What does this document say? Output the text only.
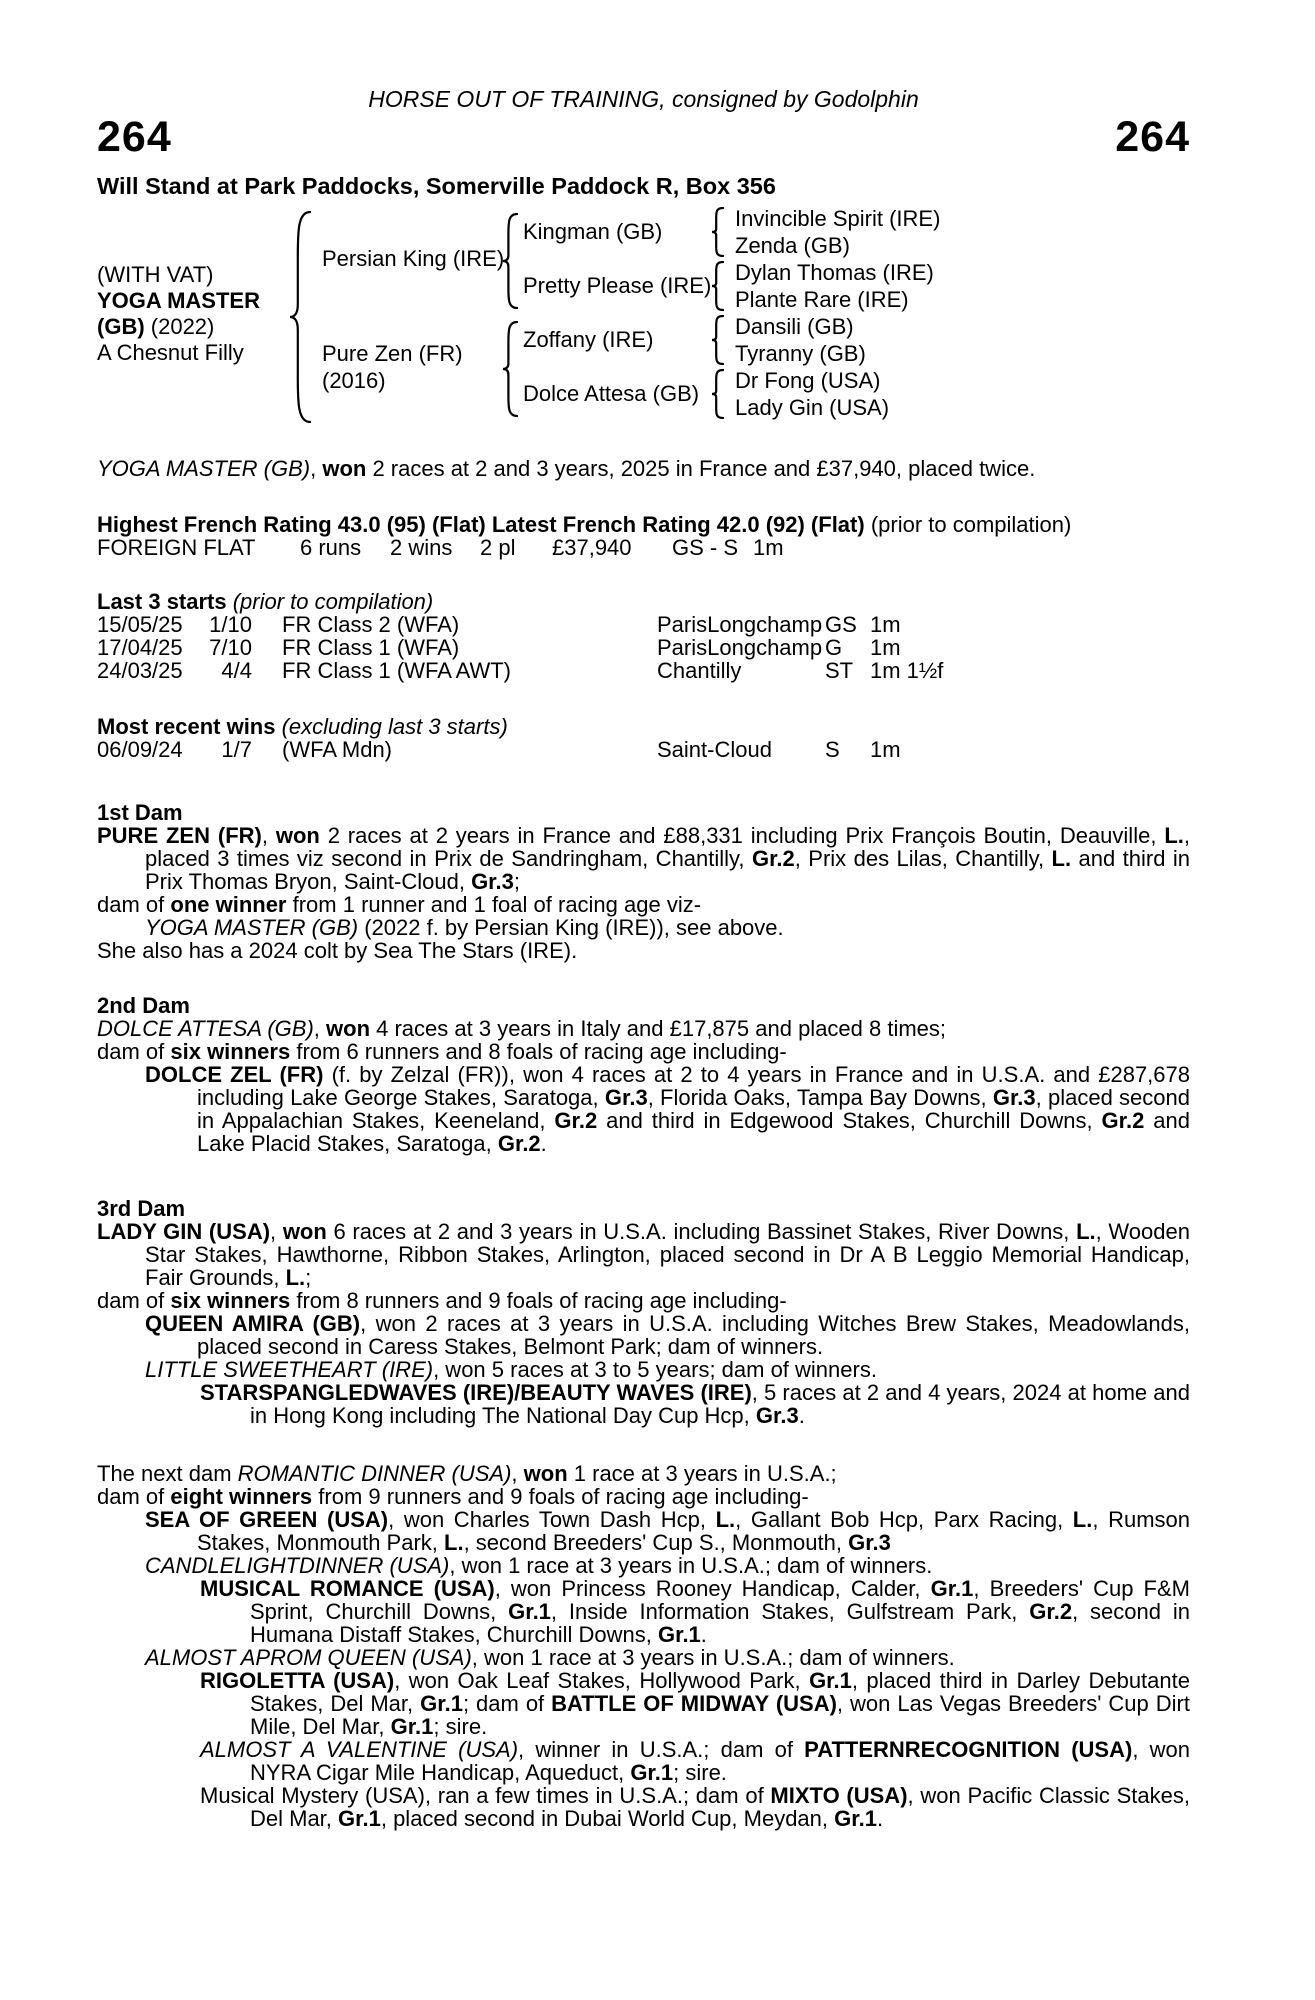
HORSE OUT OF TRAINING, consigned by Godolphin
264	264
Will Stand at Park Paddocks, Somerville Paddock R, Box 356
(WITH VAT)
YOGA MASTER
(GB) (2022)
A Chesnut Filly
Persian King (IRE)
Pure Zen (FR)
(2016)
Kingman (GB)
Pretty Please (IRE)
Zoffany (IRE)
Dolce Attesa (GB)
Invincible Spirit (IRE)
Zenda (GB)
Dylan Thomas (IRE)
Plante Rare (IRE)
Dansili (GB)
Tyranny (GB)
Dr Fong (USA)
Lady Gin (USA)

YOGA MASTER (GB), won 2 races at 2 and 3 years, 2025 in France and £37,940, placed twice.

Highest French Rating 43.0 (95) (Flat) Latest French Rating 42.0 (92) (Flat) (prior to compilation)

FOREIGN FLAT 6 runs 2 wins 2 pl £37,940 GS - S 1m
Last 3 starts (prior to compilation)
15/05/25	1/10 FR Class 2 (WFA)	ParisLongchamp GS 1m
17/04/25	7/10 FR Class 1 (WFA)	ParisLongchamp G 1m
24/03/25	4/4 FR Class 1 (WFA AWT)	Chantilly	ST 1m 1½f
Most recent wins (excluding last 3 starts)
06/09/24	1/7 (WFA Mdn)	Saint-Cloud S 1m
1st Dam

PURE ZEN (FR), won 2 races at 2 years in France and £88,331 including Prix François Boutin, Deauville, L., placed 3 times viz second in Prix de Sandringham, Chantilly, Gr.2, Prix des Lilas, Chantilly, L. and third in Prix Thomas Bryon, Saint-Cloud, Gr.3;

dam of one winner from 1 runner and 1 foal of racing age viz-

YOGA MASTER (GB) (2022 f. by Persian King (IRE)), see above.

She also has a 2024 colt by Sea The Stars (IRE).

2nd Dam

DOLCE ATTESA (GB), won 4 races at 3 years in Italy and £17,875 and placed 8 times;

dam of six winners from 6 runners and 8 foals of racing age including-

DOLCE ZEL (FR) (f. by Zelzal (FR)), won 4 races at 2 to 4 years in France and in U.S.A. and £287,678 including Lake George Stakes, Saratoga, Gr.3, Florida Oaks, Tampa Bay Downs, Gr.3, placed second in Appalachian Stakes, Keeneland, Gr.2 and third in Edgewood Stakes, Churchill Downs, Gr.2 and Lake Placid Stakes, Saratoga, Gr.2.

3rd Dam

LADY GIN (USA), won 6 races at 2 and 3 years in U.S.A. including Bassinet Stakes, River Downs, L., Wooden Star Stakes, Hawthorne, Ribbon Stakes, Arlington, placed second in Dr A B Leggio Memorial Handicap, Fair Grounds, L.;

dam of six winners from 8 runners and 9 foals of racing age including-

QUEEN AMIRA (GB), won 2 races at 3 years in U.S.A. including Witches Brew Stakes, Meadowlands, placed second in Caress Stakes, Belmont Park; dam of winners.

LITTLE SWEETHEART (IRE), won 5 races at 3 to 5 years; dam of winners.

STARSPANGLEDWAVES (IRE)/BEAUTY WAVES (IRE), 5 races at 2 and 4 years, 2024 at home and in Hong Kong including The National Day Cup Hcp, Gr.3.

The next dam ROMANTIC DINNER (USA), won 1 race at 3 years in U.S.A.;

dam of eight winners from 9 runners and 9 foals of racing age including-

SEA OF GREEN (USA), won Charles Town Dash Hcp, L., Gallant Bob Hcp, Parx Racing, L., Rumson Stakes, Monmouth Park, L., second Breeders' Cup S., Monmouth, Gr.3

CANDLELIGHTDINNER (USA), won 1 race at 3 years in U.S.A.; dam of winners.

MUSICAL ROMANCE (USA), won Princess Rooney Handicap, Calder, Gr.1, Breeders' Cup F&M Sprint, Churchill Downs, Gr.1, Inside Information Stakes, Gulfstream Park, Gr.2, second in Humana Distaff Stakes, Churchill Downs, Gr.1.

ALMOST APROM QUEEN (USA), won 1 race at 3 years in U.S.A.; dam of winners.

RIGOLETTA (USA), won Oak Leaf Stakes, Hollywood Park, Gr.1, placed third in Darley Debutante Stakes, Del Mar, Gr.1; dam of BATTLE OF MIDWAY (USA), won Las Vegas Breeders' Cup Dirt Mile, Del Mar, Gr.1; sire.

ALMOST A VALENTINE (USA), winner in U.S.A.; dam of PATTERNRECOGNITION (USA), won NYRA Cigar Mile Handicap, Aqueduct, Gr.1; sire.

Musical Mystery (USA), ran a few times in U.S.A.; dam of MIXTO (USA), won Pacific Classic Stakes, Del Mar, Gr.1, placed second in Dubai World Cup, Meydan, Gr.1.
